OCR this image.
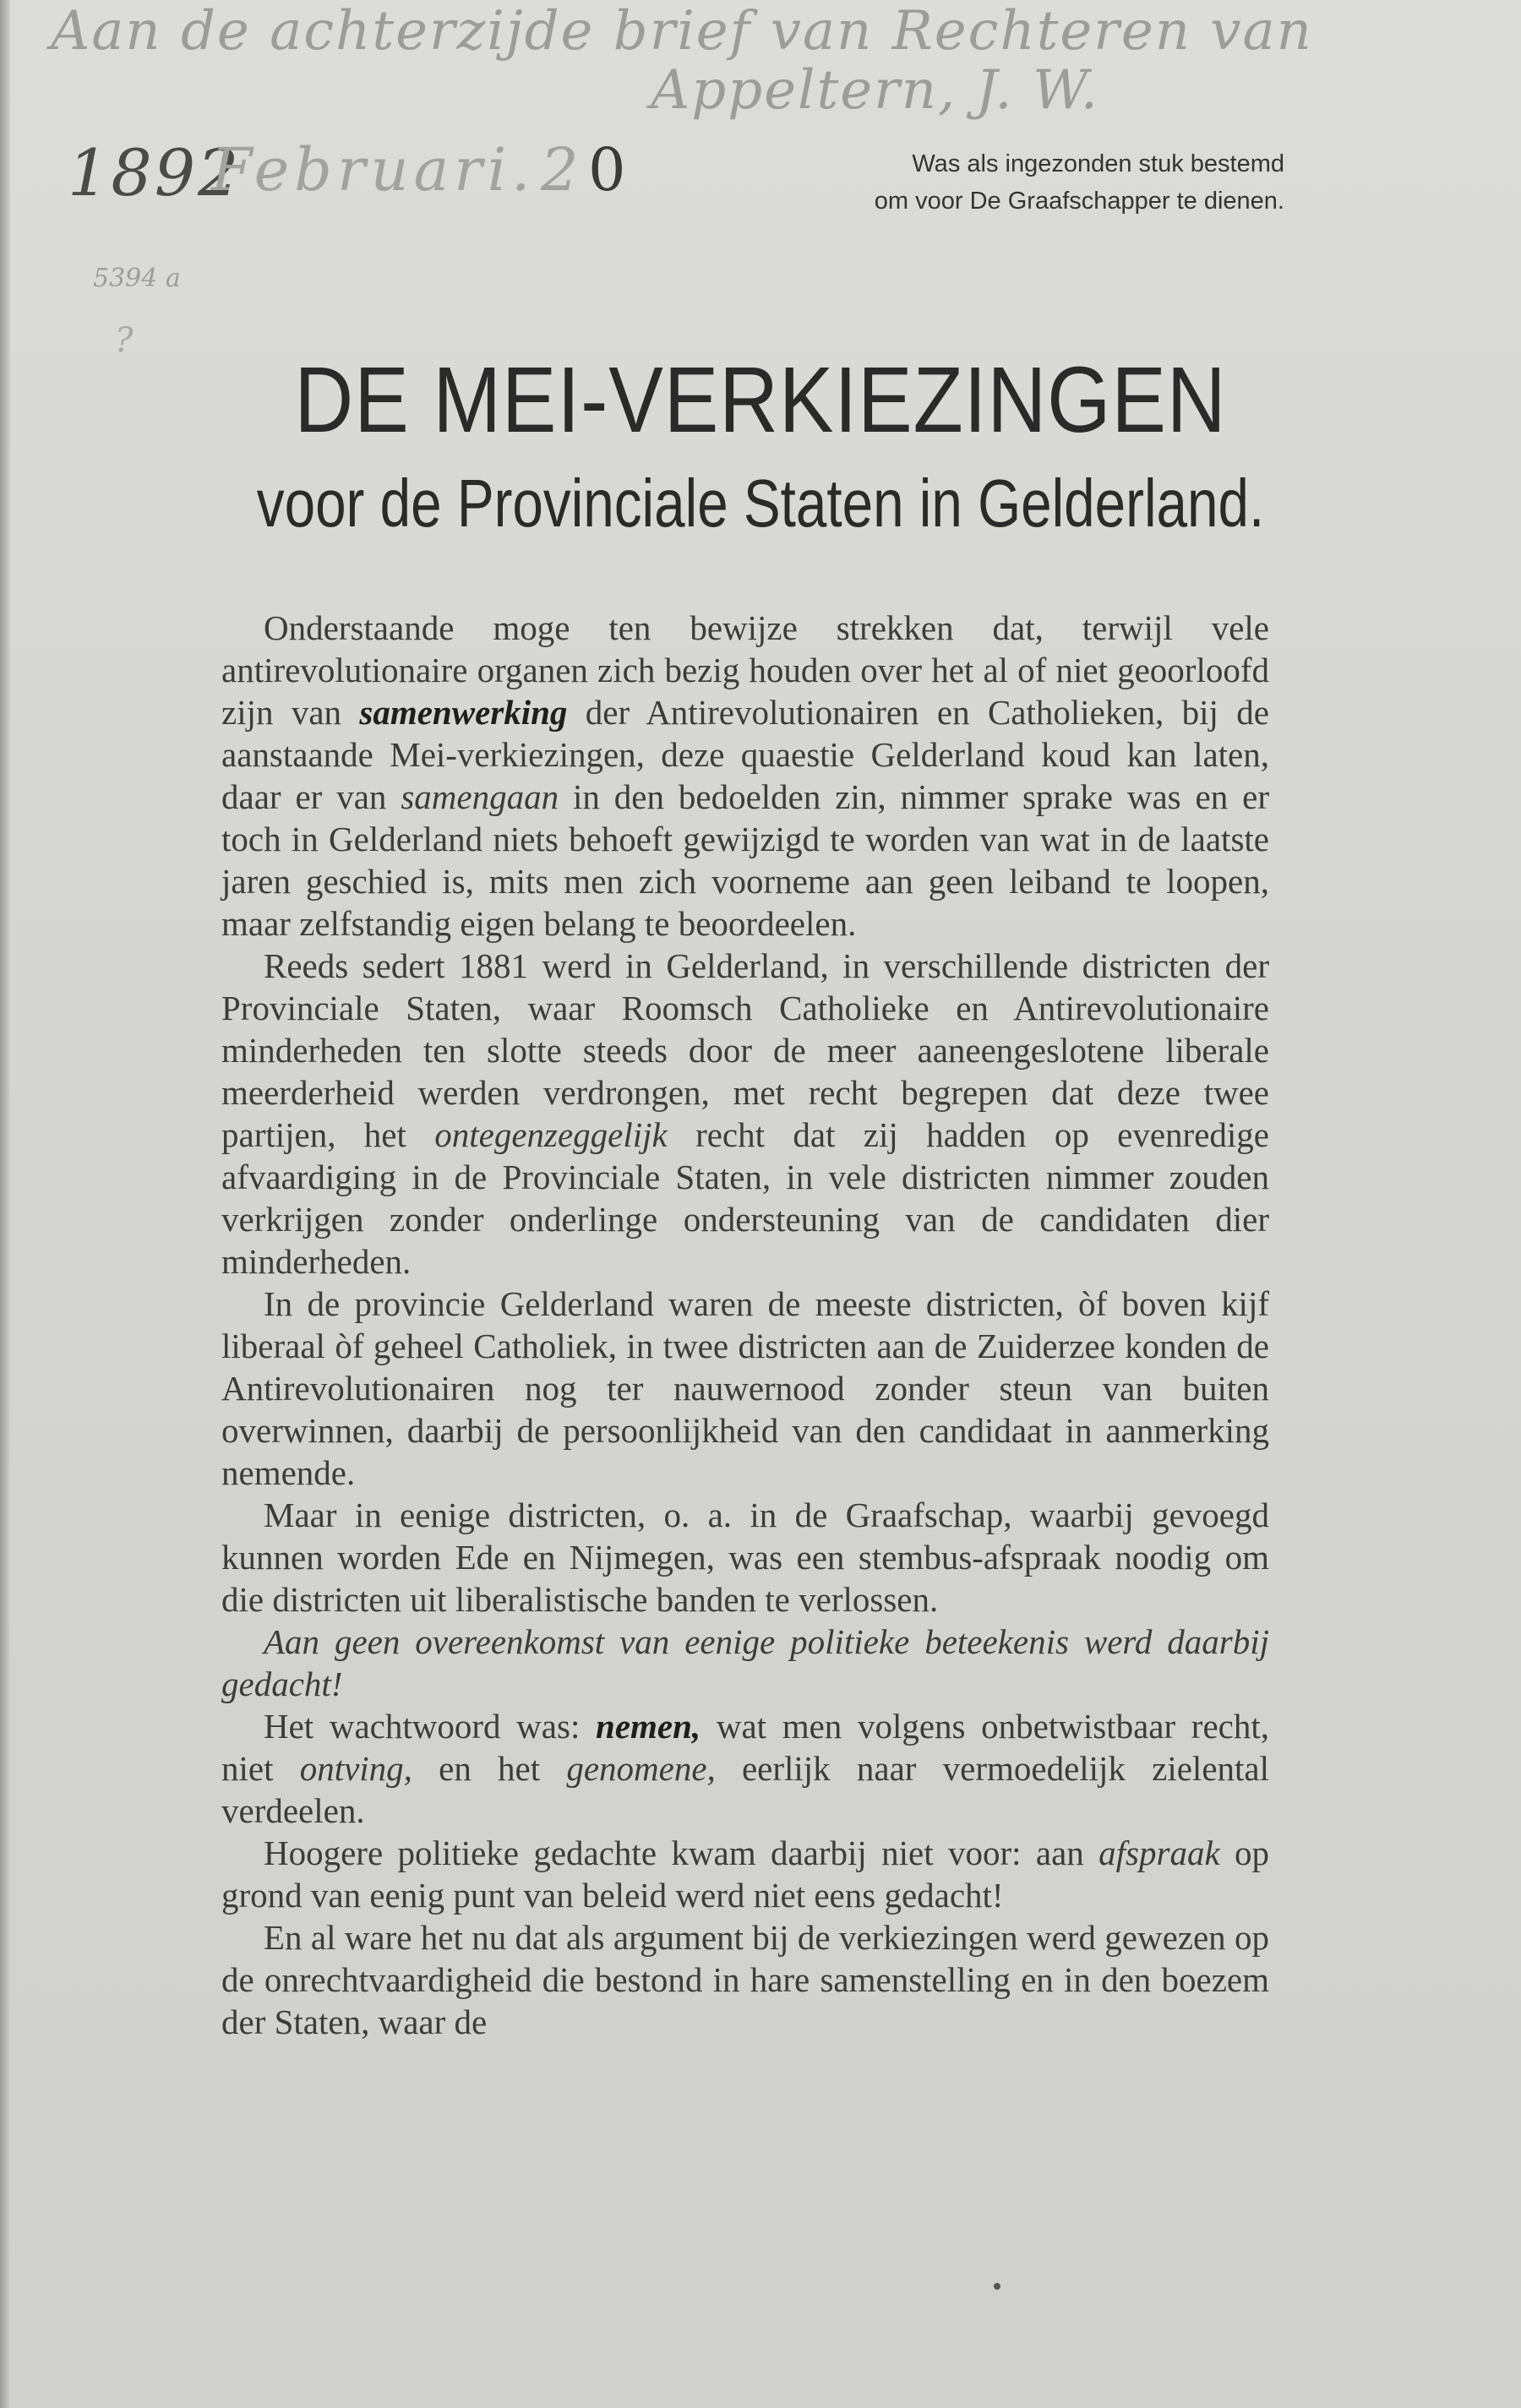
Aan de achterzijde brief van Rechteren van
Appeltern, J. W.
1892
Februari. 2 0
5394 a
?
Was als ingezonden stuk bestemd
om voor De Graafschapper te dienen.
DE MEI-VERKIEZINGEN
voor de Provinciale Staten in Gelderland.

Onderstaande moge ten bewijze strekken dat, terwijl vele antirevolutionaire organen zich bezig houden over het al of niet geoorloofd zijn van samenwerking der Antirevolutionairen en Catholieken, bij de aanstaande Mei-verkiezingen, deze quaestie Gelderland koud kan laten, daar er van samengaan in den bedoelden zin, nimmer sprake was en er toch in Gelderland niets behoeft gewijzigd te worden van wat in de laatste jaren geschied is, mits men zich voorneme aan geen leiband te loopen, maar zelfstandig eigen belang te beoordeelen.

Reeds sedert 1881 werd in Gelderland, in verschillende districten der Provinciale Staten, waar Roomsch Catholieke en Antirevolutionaire minderheden ten slotte steeds door de meer aaneengeslotene liberale meerderheid werden verdrongen, met recht begrepen dat deze twee partijen, het ontegenzeggelijk recht dat zij hadden op evenredige afvaardiging in de Provinciale Staten, in vele districten nimmer zouden verkrijgen zonder onderlinge ondersteuning van de candidaten dier minderheden.

In de provincie Gelderland waren de meeste districten, òf boven kijf liberaal òf geheel Catholiek, in twee districten aan de Zuiderzee konden de Antirevolutionairen nog ter nauwernood zonder steun van buiten overwinnen, daarbij de persoonlijkheid van den candidaat in aanmerking nemende.

Maar in eenige districten, o. a. in de Graafschap, waarbij gevoegd kunnen worden Ede en Nijmegen, was een stembus-afspraak noodig om die districten uit liberalistische banden te verlossen.

Aan geen overeenkomst van eenige politieke beteekenis werd daarbij gedacht!

Het wachtwoord was: nemen, wat men volgens onbetwistbaar recht, niet ontving, en het genomene, eerlijk naar vermoedelijk zielental verdeelen.

Hoogere politieke gedachte kwam daarbij niet voor: aan afspraak op grond van eenig punt van beleid werd niet eens gedacht!

En al ware het nu dat als argument bij de verkiezingen werd gewezen op de onrechtvaardigheid die bestond in hare samenstelling en in den boezem der Staten, waar de
